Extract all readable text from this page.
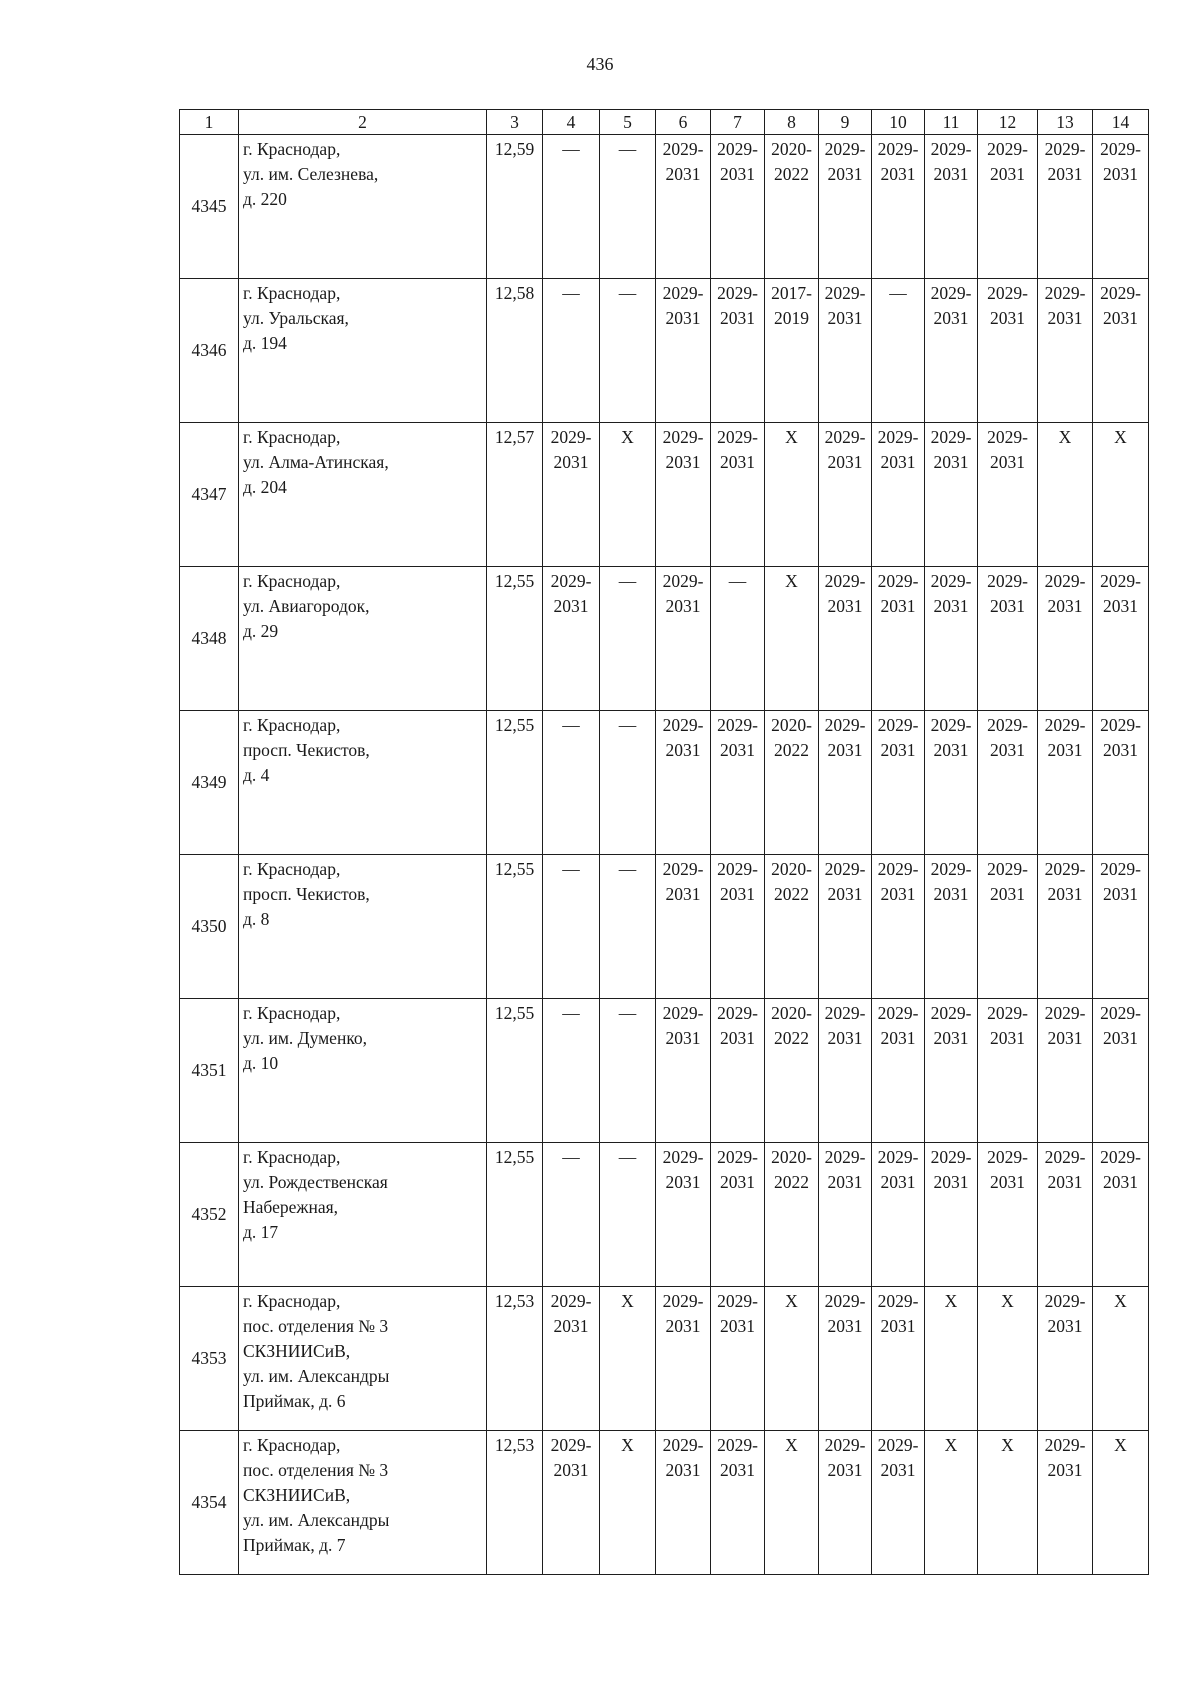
436
1	2	3	4	5	6	7	8	9	10	11	12	13	14
4345	г. Краснодар,
ул. им. Селезнева,
д. 220	12,59	—	—	2029-
2031	2029-
2031	2020-
2022	2029-
2031	2029-
2031	2029-
2031	2029-
2031	2029-
2031	2029-
2031
4346	г. Краснодар,
ул. Уральская,
д. 194	12,58	—	—	2029-
2031	2029-
2031	2017-
2019	2029-
2031	—	2029-
2031	2029-
2031	2029-
2031	2029-
2031
4347	г. Краснодар,
ул. Алма-Атинская,
д. 204	12,57	2029-
2031	X	2029-
2031	2029-
2031	X	2029-
2031	2029-
2031	2029-
2031	2029-
2031	X	X
4348	г. Краснодар,
ул. Авиагородок,
д. 29	12,55	2029-
2031	—	2029-
2031	—	X	2029-
2031	2029-
2031	2029-
2031	2029-
2031	2029-
2031	2029-
2031
4349	г. Краснодар,
просп. Чекистов,
д. 4	12,55	—	—	2029-
2031	2029-
2031	2020-
2022	2029-
2031	2029-
2031	2029-
2031	2029-
2031	2029-
2031	2029-
2031
4350	г. Краснодар,
просп. Чекистов,
д. 8	12,55	—	—	2029-
2031	2029-
2031	2020-
2022	2029-
2031	2029-
2031	2029-
2031	2029-
2031	2029-
2031	2029-
2031
4351	г. Краснодар,
ул. им. Думенко,
д. 10	12,55	—	—	2029-
2031	2029-
2031	2020-
2022	2029-
2031	2029-
2031	2029-
2031	2029-
2031	2029-
2031	2029-
2031
4352	г. Краснодар,
ул. Рождественская
Набережная,
д. 17	12,55	—	—	2029-
2031	2029-
2031	2020-
2022	2029-
2031	2029-
2031	2029-
2031	2029-
2031	2029-
2031	2029-
2031
4353	г. Краснодар,
пос. отделения № 3
СКЗНИИСиВ,
ул. им. Александры
Приймак, д. 6	12,53	2029-
2031	X	2029-
2031	2029-
2031	X	2029-
2031	2029-
2031	X	X	2029-
2031	X
4354	г. Краснодар,
пос. отделения № 3
СКЗНИИСиВ,
ул. им. Александры
Приймак, д. 7	12,53	2029-
2031	X	2029-
2031	2029-
2031	X	2029-
2031	2029-
2031	X	X	2029-
2031	X
